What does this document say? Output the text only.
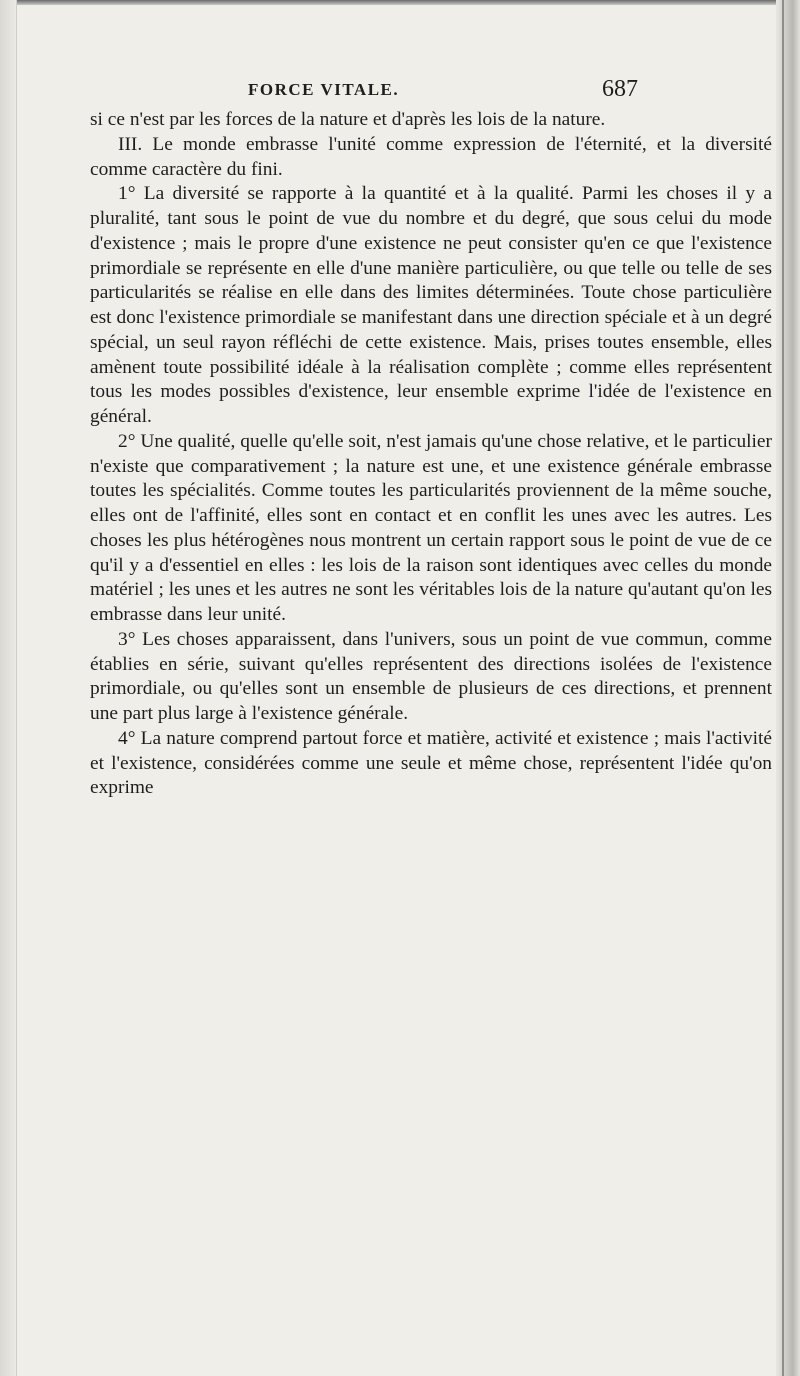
FORCE VITALE.	687

si ce n'est par les forces de la nature et d'après les lois de la nature.

III. Le monde embrasse l'unité comme expression de l'éternité, et la diversité comme caractère du fini.

1° La diversité se rapporte à la quantité et à la qualité. Parmi les choses il y a pluralité, tant sous le point de vue du nombre et du degré, que sous celui du mode d'existence ; mais le propre d'une existence ne peut consister qu'en ce que l'existence primordiale se représente en elle d'une manière particulière, ou que telle ou telle de ses particularités se réalise en elle dans des limites déterminées. Toute chose particulière est donc l'existence primordiale se manifestant dans une direction spéciale et à un degré spécial, un seul rayon réfléchi de cette existence. Mais, prises toutes ensemble, elles amènent toute possibilité idéale à la réalisation complète ; comme elles représentent tous les modes possibles d'existence, leur ensemble exprime l'idée de l'existence en général.

2° Une qualité, quelle qu'elle soit, n'est jamais qu'une chose relative, et le particulier n'existe que comparativement ; la nature est une, et une existence générale embrasse toutes les spécialités. Comme toutes les particularités proviennent de la même souche, elles ont de l'affinité, elles sont en contact et en conflit les unes avec les autres. Les choses les plus hétérogènes nous montrent un certain rapport sous le point de vue de ce qu'il y a d'essentiel en elles : les lois de la raison sont identiques avec celles du monde matériel ; les unes et les autres ne sont les véritables lois de la nature qu'autant qu'on les embrasse dans leur unité.

3° Les choses apparaissent, dans l'univers, sous un point de vue commun, comme établies en série, suivant qu'elles représentent des directions isolées de l'existence primordiale, ou qu'elles sont un ensemble de plusieurs de ces directions, et prennent une part plus large à l'existence générale.

4° La nature comprend partout force et matière, activité et existence ; mais l'activité et l'existence, considérées comme une seule et même chose, représentent l'idée qu'on exprime
